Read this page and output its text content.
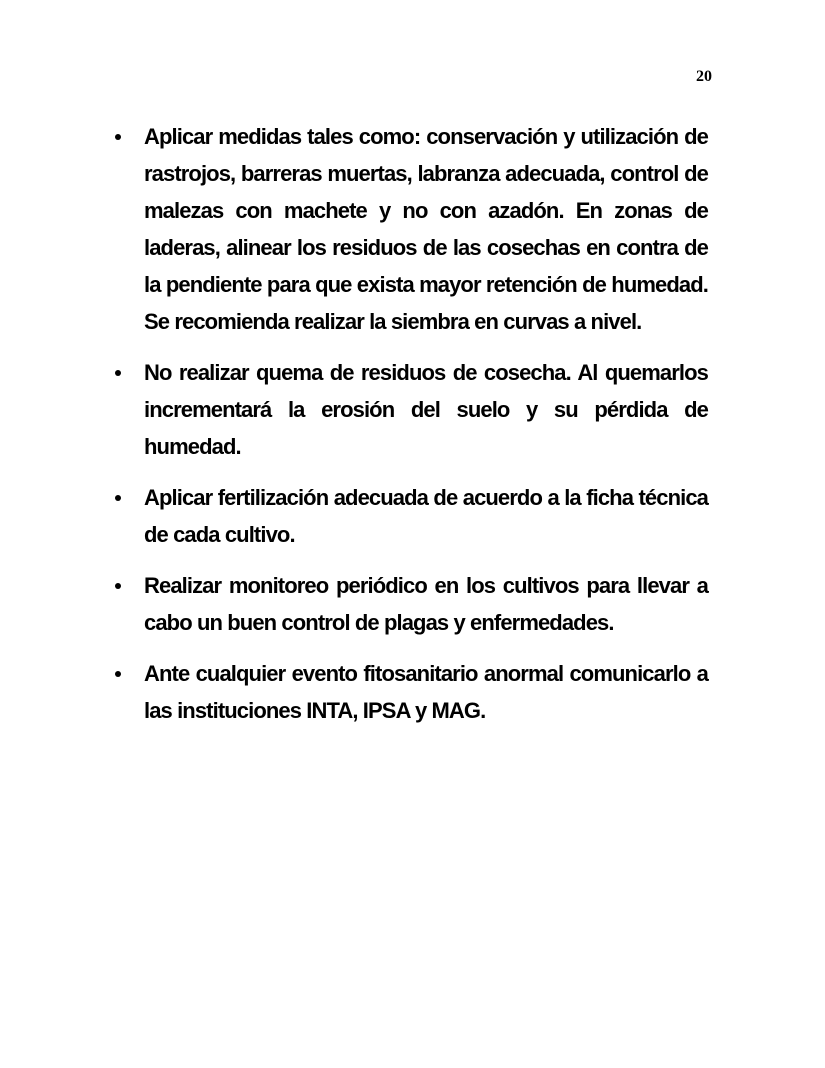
20
Aplicar medidas tales como: conservación y utilización de rastrojos, barreras muertas, labranza adecuada, control de malezas con machete y no con azadón. En zonas de laderas, alinear los residuos de las cosechas en contra de la pendiente para que exista mayor retención de humedad. Se recomienda realizar la siembra en curvas a nivel.
No realizar quema de residuos de cosecha. Al quemarlos incrementará la erosión del suelo y su pérdida de humedad.
Aplicar fertilización adecuada de acuerdo a la ficha técnica de cada cultivo.
Realizar monitoreo periódico en los cultivos para llevar a cabo un buen control de plagas y enfermedades.
Ante cualquier evento fitosanitario anormal comunicarlo a las instituciones INTA, IPSA y MAG.
